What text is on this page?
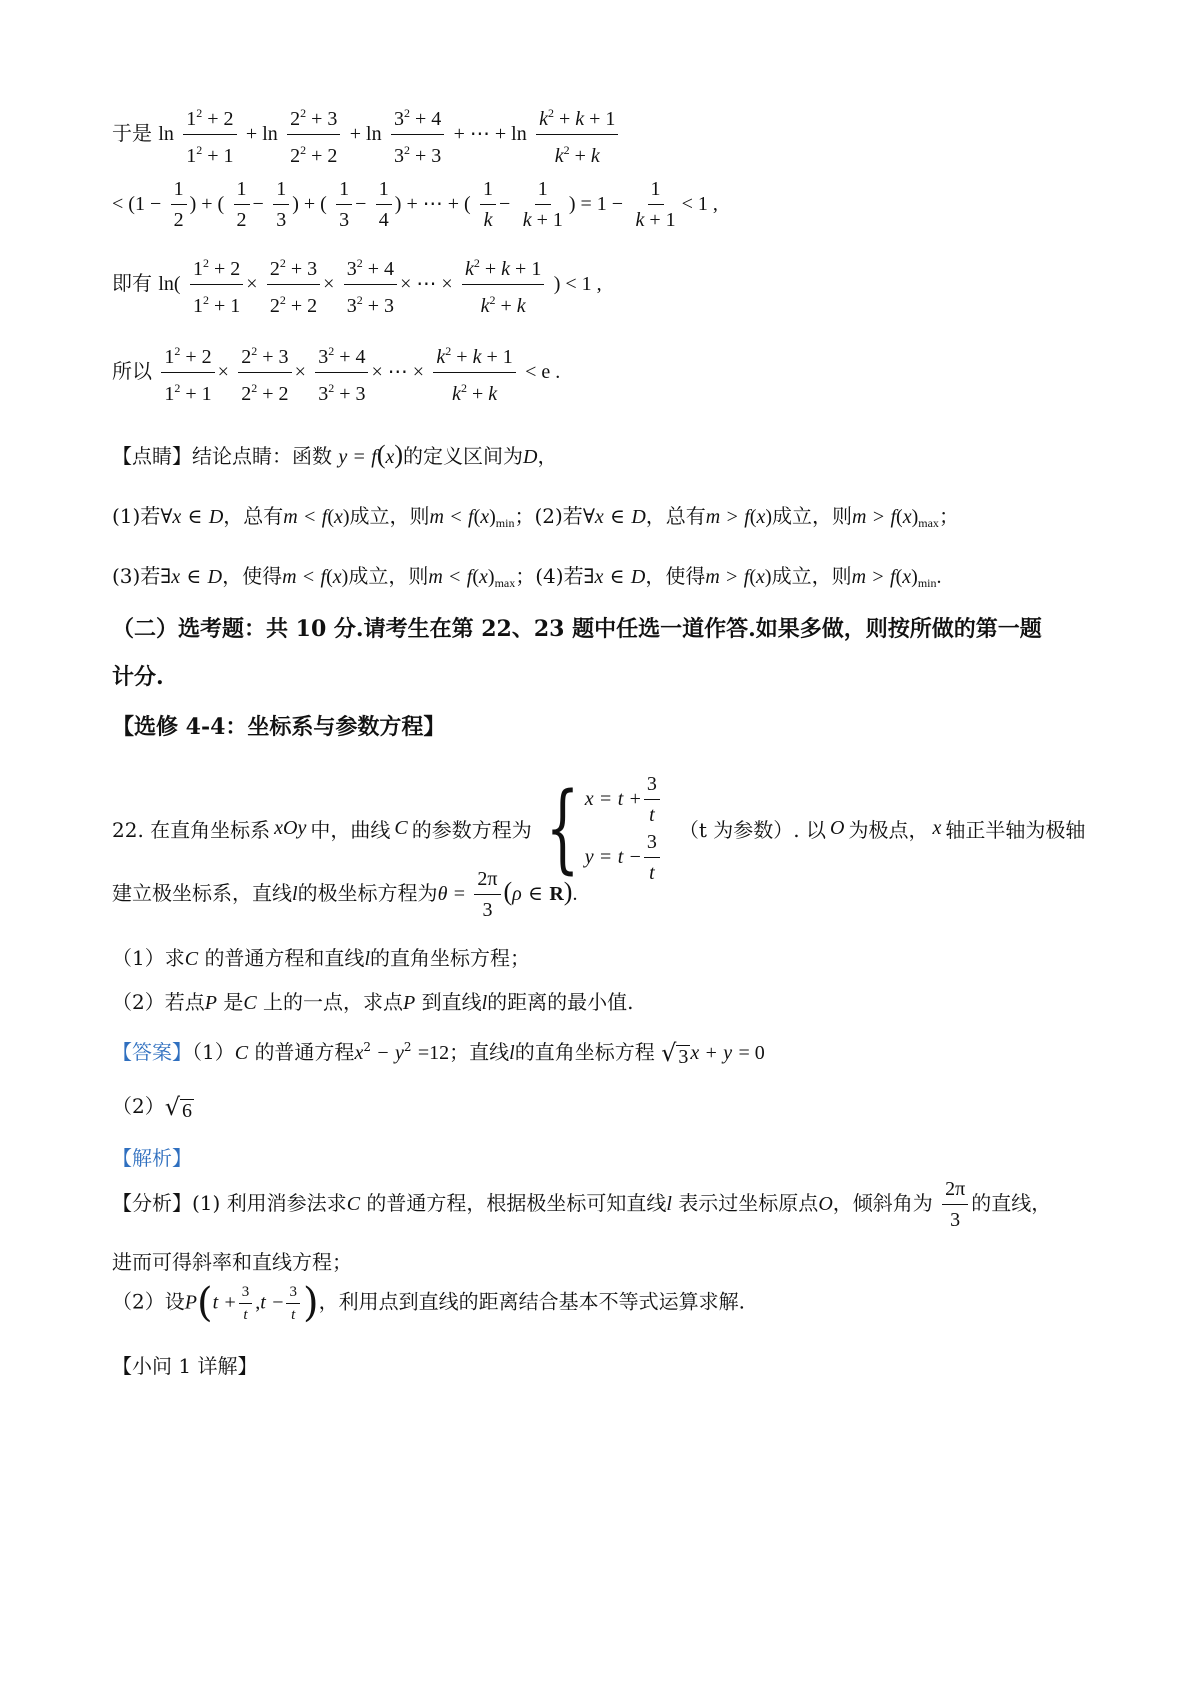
于是 $\ln \frac{1^2 + 2}{1^2 + 1} + \ln \frac{2^2 + 3}{2^2 + 2} + \ln \frac{3^2 + 4}{3^2 + 3}$ + ⋯ + $\ln \frac{k^2 + k + 1}{k^2 + k}$
< ($1 - \frac{1}{2}$ ) + ( $\frac{1}{2} - \frac{1}{3}$ ) + ( $\frac{1}{3} - \frac{1}{4}$ ) + ⋯ + ( $\frac{1}{k} - \frac{1}{k + 1}$ ) = $1 - \frac{1}{k + 1} < 1$ ,
即有 $\ln( \frac{1^2 + 2}{1^2 + 1} \times \frac{2^2 + 3}{2^2 + 2} \times \frac{3^2 + 4}{3^2 + 3}$ × ⋯ × $\frac{k^2 + k + 1}{k^2 + k}$ ) < 1 ,
所以 $\frac{1^2 + 2}{1^2 + 1} \times \frac{2^2 + 3}{2^2 + 2} \times \frac{3^2 + 4}{3^2 + 3}$ × ⋯ × $\frac{k^2 + k + 1}{k^2 + k} < e$ .
【点睛】结论点睛：函数 y = f(x)的定义区间为D，
(1)若∀x ∈ D，总有m < f(x)成立，则$m < f(x)_{min}$；(2)若∀x ∈ D，总有m > f(x)成立，则$m > f(x)_{max}$；
(3)若∃x ∈ D，使得m < f(x)成立，则$m < f(x)_{max}$；(4)若∃x ∈ D，使得m > f(x)成立，则$m > f(x)_{min}$.
（二）选考题：共 10 分.请考生在第 22、23 题中任选一道作答.如果多做，则按所做的第一题
计分.
【选修 4-4：坐标系与参数方程】
22. 在直角坐标系 xOy 中，曲线 C 的参数方程为 { x
=
t
+ $\frac{3}{t}$
y
=
t
− $\frac{3}{t} (t$ 为参数）. 以 O 为极点， x 轴正半轴为极轴
建立极坐标系，直线l的极坐标方程为$\theta = \frac{2\pi}{3} (\rho$ ∈ R).
（1）求C 的普通方程和直线l的直角坐标方程；
（2）若点P 是C 上的一点，求点P 到直线l的距离的最小值.
【答案】（1）C 的普通方程$x^2 - y^2 =12$；直线l的直角坐标方程 √ 3 x + y = 0
（2） √ 6
【解析】
【分析】(1) 利用消参法求C 的普通方程，根据极坐标可知直线l 表示过坐标原点O，倾斜角为 $\frac{2\pi}{3}$ 的直线，
进而可得斜率和直线方程；
（2）设$P(t + \frac{3}{t} ,t - \frac{3}{t}$ )，利用点到直线的距离结合基本不等式运算求解.
【小问 1 详解】
